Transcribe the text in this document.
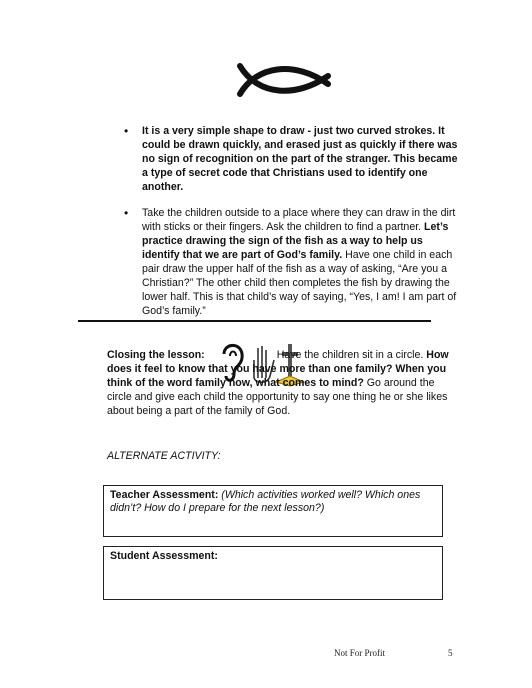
• It is a very simple shape to draw - just two curved strokes. It could be drawn quickly, and erased just as quickly if there was no sign of recognition on the part of the stranger. This became a type of secret code that Christians used to identify one another.
• Take the children outside to a place where they can draw in the dirt with sticks or their fingers. Ask the children to find a partner. Let’s practice drawing the sign of the fish as a way to help us identify that we are part of God’s family. Have one child in each pair draw the upper half of the fish as a way of asking, “Are you a Christian?” The other child then completes the fish by drawing the lower half. This is that child’s way of saying, “Yes, I am! I am part of God’s family.”
Closing the lesson:	Have the children sit in a circle. How does it feel to know that you have more than one family? When you think of the word family now, what comes to mind? Go around the circle and give each child the opportunity to say one thing he or she likes about being a part of the family of God.
ALTERNATE ACTIVITY:
Teacher Assessment: (Which activities worked well? Which ones didn’t? How do I prepare for the next lesson?)
Student Assessment:
Not For Profit	5
